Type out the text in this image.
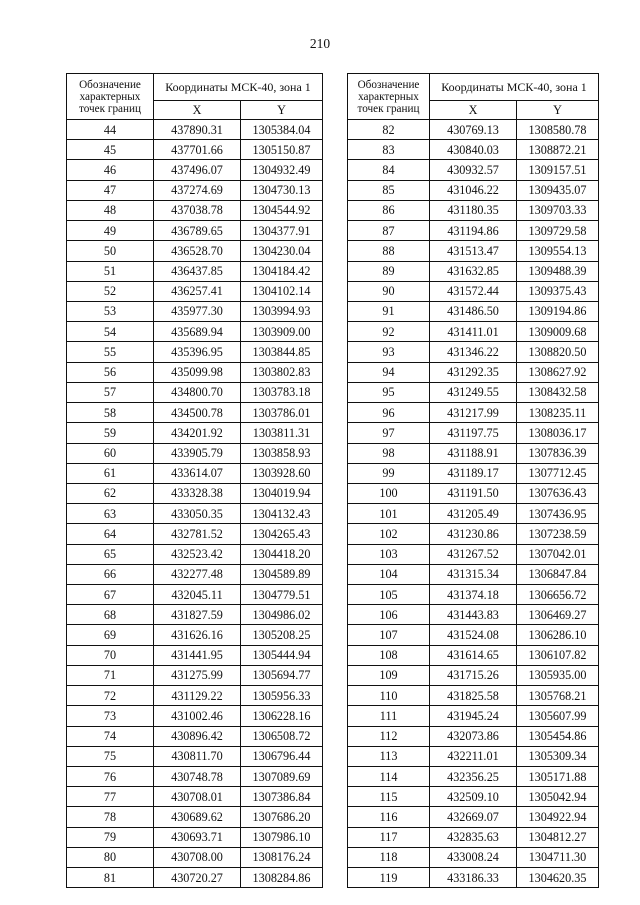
210
Обозначение характерных точек границ	Координаты МСК-40, зона 1	
	X	Y
44	437890.31	1305384.04
45	437701.66	1305150.87
46	437496.07	1304932.49
47	437274.69	1304730.13
48	437038.78	1304544.92
49	436789.65	1304377.91
50	436528.70	1304230.04
51	436437.85	1304184.42
52	436257.41	1304102.14
53	435977.30	1303994.93
54	435689.94	1303909.00
55	435396.95	1303844.85
56	435099.98	1303802.83
57	434800.70	1303783.18
58	434500.78	1303786.01
59	434201.92	1303811.31
60	433905.79	1303858.93
61	433614.07	1303928.60
62	433328.38	1304019.94
63	433050.35	1304132.43
64	432781.52	1304265.43
65	432523.42	1304418.20
66	432277.48	1304589.89
67	432045.11	1304779.51
68	431827.59	1304986.02
69	431626.16	1305208.25
70	431441.95	1305444.94
71	431275.99	1305694.77
72	431129.22	1305956.33
73	431002.46	1306228.16
74	430896.42	1306508.72
75	430811.70	1306796.44
76	430748.78	1307089.69
77	430708.01	1307386.84
78	430689.62	1307686.20
79	430693.71	1307986.10
80	430708.00	1308176.24
81	430720.27	1308284.86
Обозначение характерных точек границ	Координаты МСК-40, зона 1	
	X	Y
82	430769.13	1308580.78
83	430840.03	1308872.21
84	430932.57	1309157.51
85	431046.22	1309435.07
86	431180.35	1309703.33
87	431194.86	1309729.58
88	431513.47	1309554.13
89	431632.85	1309488.39
90	431572.44	1309375.43
91	431486.50	1309194.86
92	431411.01	1309009.68
93	431346.22	1308820.50
94	431292.35	1308627.92
95	431249.55	1308432.58
96	431217.99	1308235.11
97	431197.75	1308036.17
98	431188.91	1307836.39
99	431189.17	1307712.45
100	431191.50	1307636.43
101	431205.49	1307436.95
102	431230.86	1307238.59
103	431267.52	1307042.01
104	431315.34	1306847.84
105	431374.18	1306656.72
106	431443.83	1306469.27
107	431524.08	1306286.10
108	431614.65	1306107.82
109	431715.26	1305935.00
110	431825.58	1305768.21
111	431945.24	1305607.99
112	432073.86	1305454.86
113	432211.01	1305309.34
114	432356.25	1305171.88
115	432509.10	1305042.94
116	432669.07	1304922.94
117	432835.63	1304812.27
118	433008.24	1304711.30
119	433186.33	1304620.35
